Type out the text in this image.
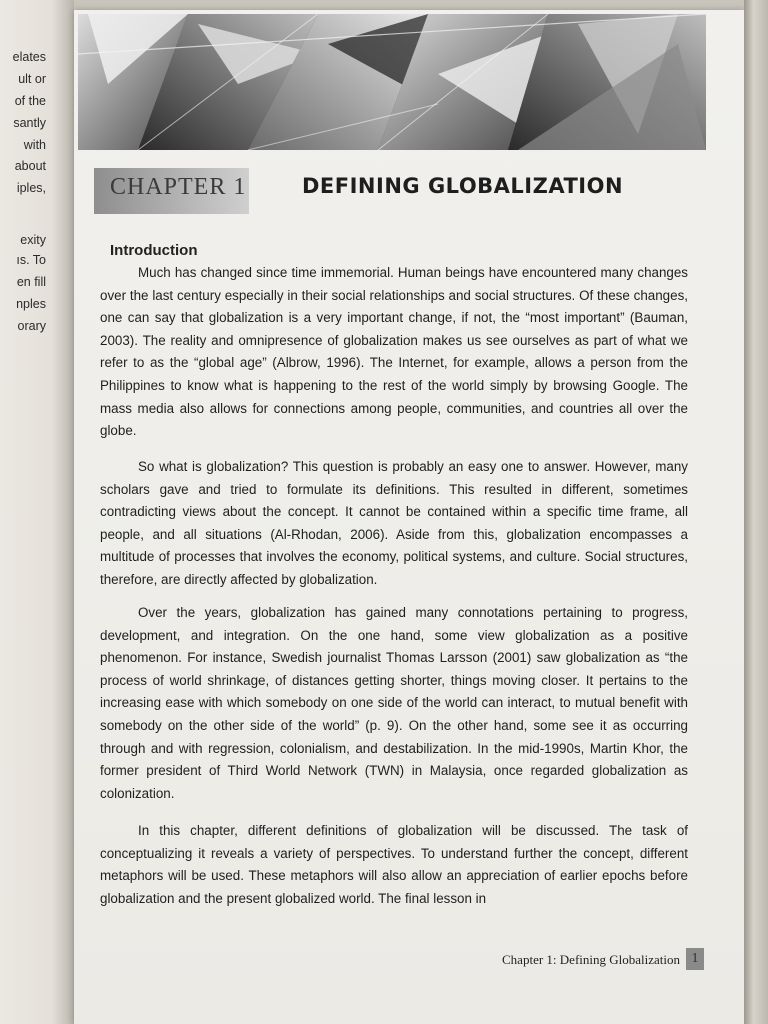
elates
ult or
of the
santly
with
about
iples,
exity
ıs. To
en fill
nples
orary
CHAPTER 1	DEFINING GLOBALIZATION
Introduction

Much has changed since time immemorial. Human beings have encountered many changes over the last century especially in their social relationships and social structures. Of these changes, one can say that globalization is a very important change, if not, the “most important” (Bauman, 2003). The reality and omnipresence of globalization makes us see ourselves as part of what we refer to as the “global age” (Albrow, 1996). The Internet, for example, allows a person from the Philippines to know what is happening to the rest of the world simply by browsing Google. The mass media also allows for connections among people, communities, and countries all over the globe.

So what is globalization? This question is probably an easy one to answer. However, many scholars gave and tried to formulate its definitions. This resulted in different, sometimes contradicting views about the concept. It cannot be contained within a specific time frame, all people, and all situations (Al-Rhodan, 2006). Aside from this, globalization encompasses a multitude of processes that involves the economy, political systems, and culture. Social structures, therefore, are directly affected by globalization.

Over the years, globalization has gained many connotations pertaining to progress, development, and integration. On the one hand, some view globalization as a positive phenomenon. For instance, Swedish journalist Thomas Larsson (2001) saw globalization as “the process of world shrinkage, of distances getting shorter, things moving closer. It pertains to the increasing ease with which somebody on one side of the world can interact, to mutual benefit with somebody on the other side of the world” (p. 9). On the other hand, some see it as occurring through and with regression, colonialism, and destabilization. In the mid-1990s, Martin Khor, the former president of Third World Network (TWN) in Malaysia, once regarded globalization as colonization.

In this chapter, different definitions of globalization will be discussed. The task of conceptualizing it reveals a variety of perspectives. To understand further the concept, different metaphors will be used. These metaphors will also allow an appreciation of earlier epochs before globalization and the present globalized world. The final lesson in

Chapter 1: Defining Globalization 1
